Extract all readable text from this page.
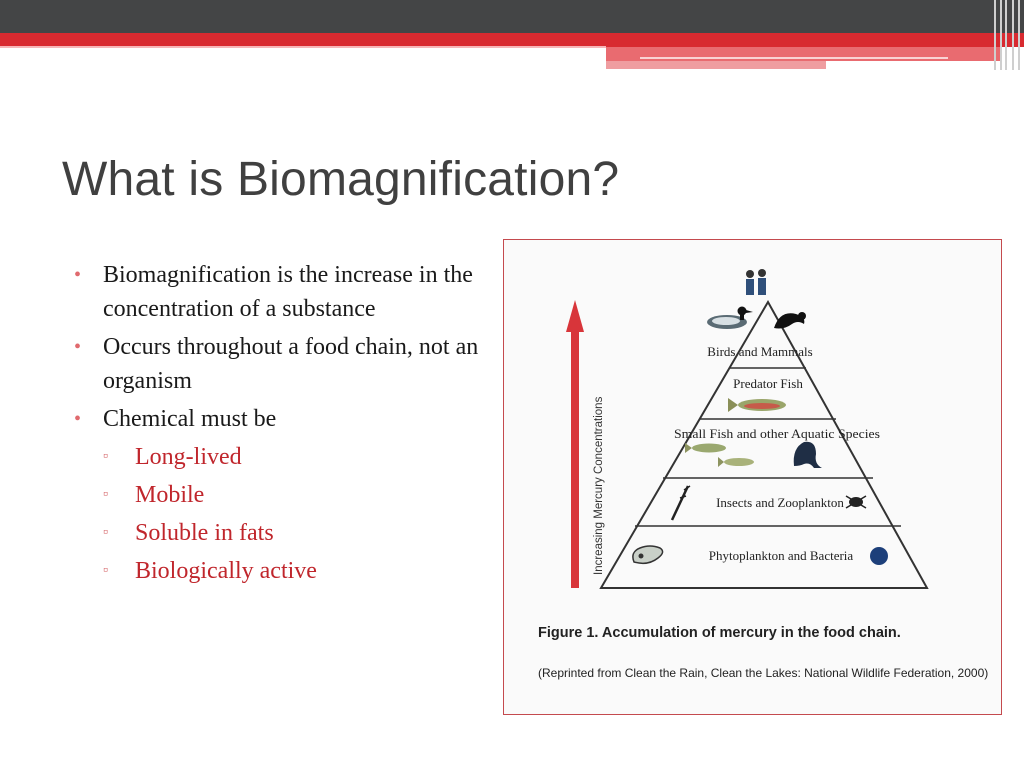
What is Biomagnification?
• Biomagnification is the increase in the concentration of a substance
• Occurs throughout a food chain, not an organism
• Chemical must be
▫ Long-lived
▫ Mobile
▫ Soluble in fats
▫ Biologically active	Increasing Mercury Concentrations
Birds and Mammals
Predator Fish
Small Fish and other Aquatic Species
Insects and Zooplankton
Phytoplankton and Bacteria
Figure 1. Accumulation of mercury in the food chain.
(Reprinted from Clean the Rain, Clean the Lakes: National Wildlife Federation, 2000)
